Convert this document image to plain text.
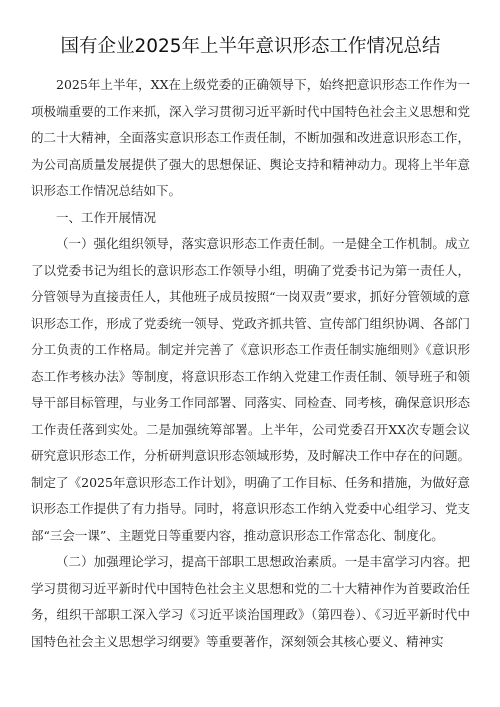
国有企业2025年上半年意识形态工作情况总结

2025年上半年，XX在上级党委的正确领导下，始终把意识形态工作作为一项极端重要的工作来抓，深入学习贯彻习近平新时代中国特色社会主义思想和党的二十大精神，全面落实意识形态工作责任制，不断加强和改进意识形态工作，为公司高质量发展提供了强大的思想保证、舆论支持和精神动力。现将上半年意识形态工作情况总结如下。

一、工作开展情况

（一）强化组织领导，落实意识形态工作责任制。一是健全工作机制。成立了以党委书记为组长的意识形态工作领导小组，明确了党委书记为第一责任人，分管领导为直接责任人，其他班子成员按照“一岗双责”要求，抓好分管领域的意识形态工作，形成了党委统一领导、党政齐抓共管、宣传部门组织协调、各部门分工负责的工作格局。制定并完善了《意识形态工作责任制实施细则》《意识形态工作考核办法》等制度，将意识形态工作纳入党建工作责任制、领导班子和领导干部目标管理，与业务工作同部署、同落实、同检查、同考核，确保意识形态工作责任落到实处。二是加强统筹部署。上半年，公司党委召开XX次专题会议研究意识形态工作，分析研判意识形态领域形势，及时解决工作中存在的问题。制定了《2025年意识形态工作计划》，明确了工作目标、任务和措施，为做好意识形态工作提供了有力指导。同时，将意识形态工作纳入党委中心组学习、党支部“三会一课”、主题党日等重要内容，推动意识形态工作常态化、制度化。

（二）加强理论学习，提高干部职工思想政治素质。一是丰富学习内容。把学习贯彻习近平新时代中国特色社会主义思想和党的二十大精神作为首要政治任务，组织干部职工深入学习《习近平谈治国理政》（第四卷）、《习近平新时代中国特色社会主义思想学习纲要》等重要著作，深刻领会其核心要义、精神实
